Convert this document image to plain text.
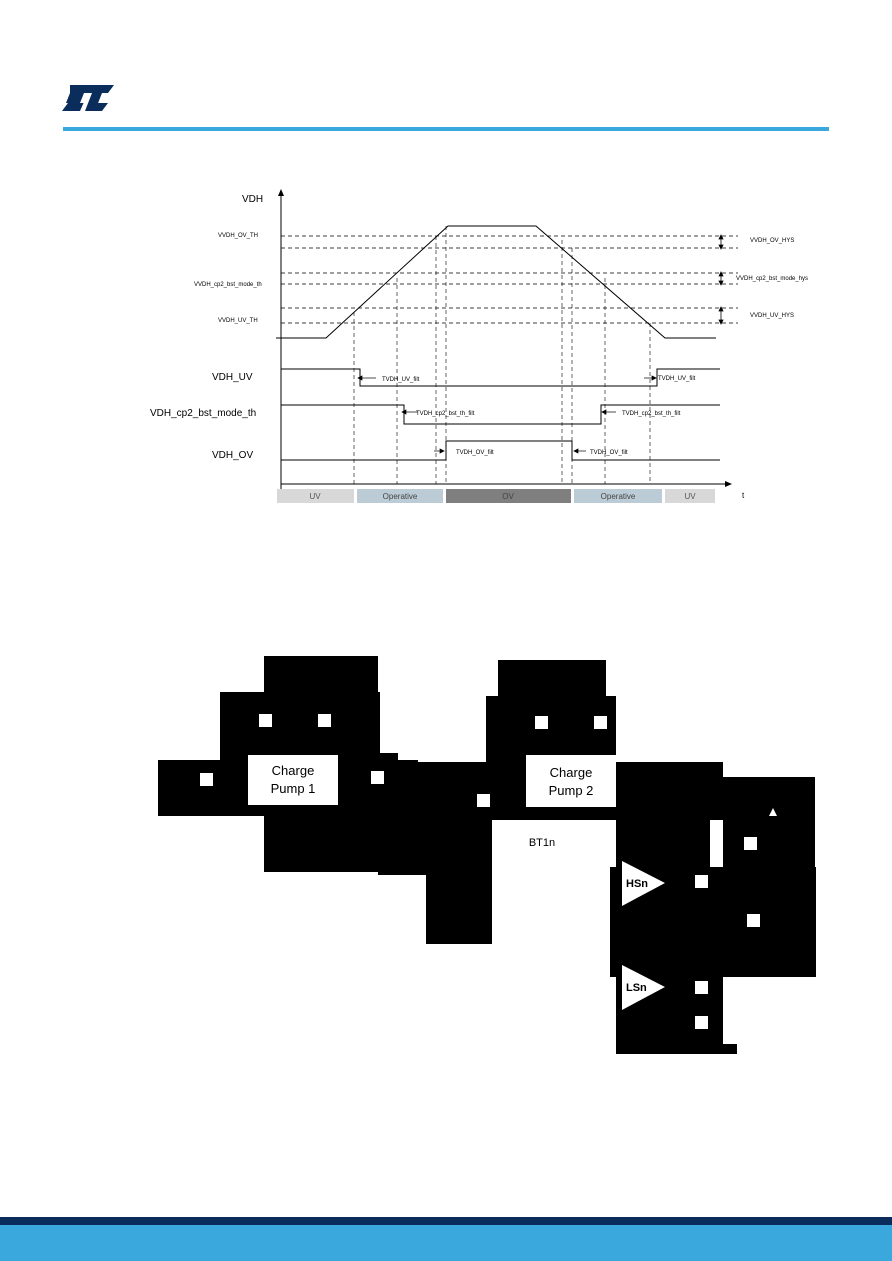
VDH
t
VVDH_OV_TH
VVDH_cp2_bst_mode_th
VVDH_UV_TH
VVDH_OV_HYS
VVDH_cp2_bst_mode_hys
VVDH_UV_HYS
VDH_UV
VDH_cp2_bst_mode_th
VDH_OV
TVDH_UV_filt	TVDH_UV_filt
TVDH_cp2_bst_th_filt	TVDH_cp2_bst_th_filt
TVDH_OV_filt	TVDH_OV_filt
UV	Operative	OV	Operative	UV
Charge
Pump 1
Charge
Pump 2
BT1n
HSn
LSn
